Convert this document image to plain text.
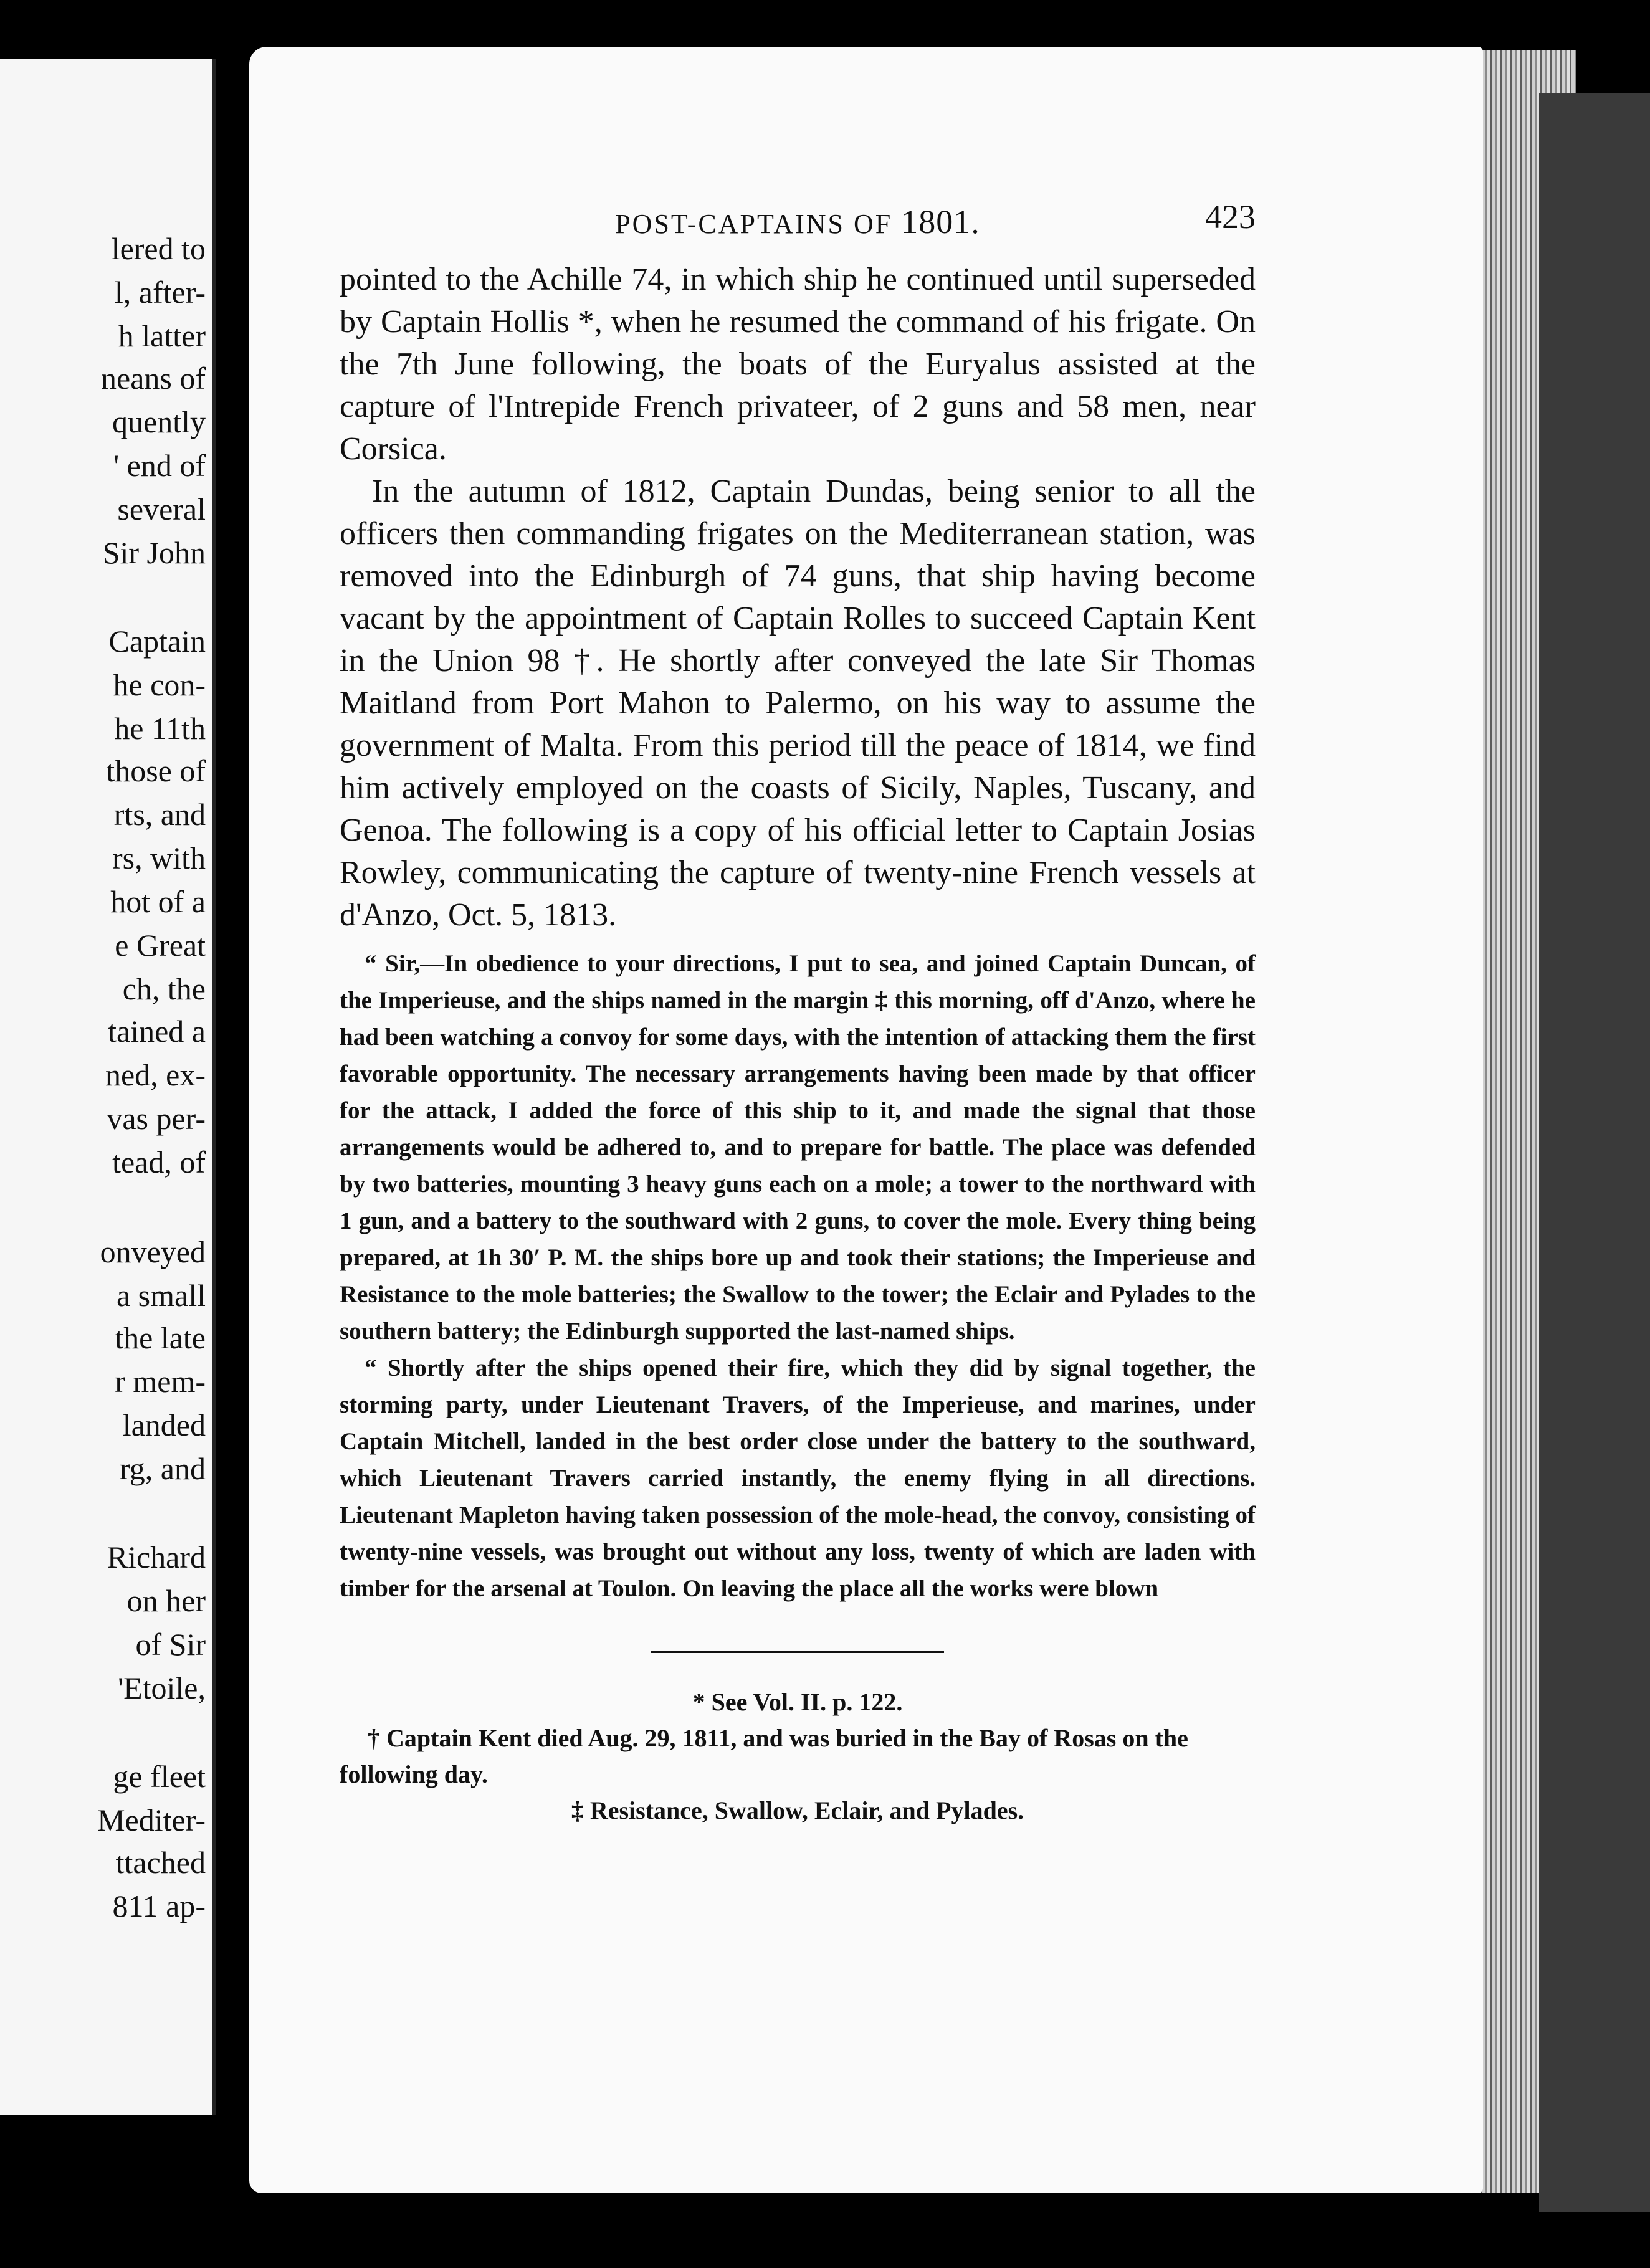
lered to
l, after-
h latter
neans of
quently
' end of
several
Sir John
Captain
he con-
he 11th
those of
rts, and
rs, with
hot of a
e Great
ch, the
tained a
ned, ex-
vas per-
tead, of
onveyed
a small
the late
r mem-
landed
rg, and
Richard
on her
of Sir
'Etoile,
ge fleet
Mediter-
ttached
811 ap-
POST-CAPTAINS OF 1801.	423

pointed to the Achille 74, in which ship he continued until superseded by Captain Hollis *, when he resumed the command of his frigate. On the 7th June following, the boats of the Euryalus assisted at the capture of l'Intrepide French privateer, of 2 guns and 58 men, near Corsica.

In the autumn of 1812, Captain Dundas, being senior to all the officers then commanding frigates on the Mediterranean station, was removed into the Edinburgh of 74 guns, that ship having become vacant by the appointment of Captain Rolles to succeed Captain Kent in the Union 98 †. He shortly after conveyed the late Sir Thomas Maitland from Port Mahon to Palermo, on his way to assume the government of Malta. From this period till the peace of 1814, we find him actively employed on the coasts of Sicily, Naples, Tuscany, and Genoa. The following is a copy of his official letter to Captain Josias Rowley, communicating the capture of twenty-nine French vessels at d'Anzo, Oct. 5, 1813.

“ Sir,—In obedience to your directions, I put to sea, and joined Captain Duncan, of the Imperieuse, and the ships named in the margin ‡ this morning, off d'Anzo, where he had been watching a convoy for some days, with the intention of attacking them the first favorable opportunity. The necessary arrangements having been made by that officer for the attack, I added the force of this ship to it, and made the signal that those arrangements would be adhered to, and to prepare for battle. The place was defended by two batteries, mounting 3 heavy guns each on a mole; a tower to the northward with 1 gun, and a battery to the southward with 2 guns, to cover the mole. Every thing being prepared, at 1h 30′ P. M. the ships bore up and took their stations; the Imperieuse and Resistance to the mole batteries; the Swallow to the tower; the Eclair and Pylades to the southern battery; the Edinburgh supported the last-named ships.

“ Shortly after the ships opened their fire, which they did by signal together, the storming party, under Lieutenant Travers, of the Imperieuse, and marines, under Captain Mitchell, landed in the best order close under the battery to the southward, which Lieutenant Travers carried instantly, the enemy flying in all directions. Lieutenant Mapleton having taken possession of the mole-head, the convoy, consisting of twenty-nine vessels, was brought out without any loss, twenty of which are laden with timber for the arsenal at Toulon. On leaving the place all the works were blown

* See Vol. II. p. 122.

† Captain Kent died Aug. 29, 1811, and was buried in the Bay of Rosas on the following day.

‡ Resistance, Swallow, Eclair, and Pylades.
